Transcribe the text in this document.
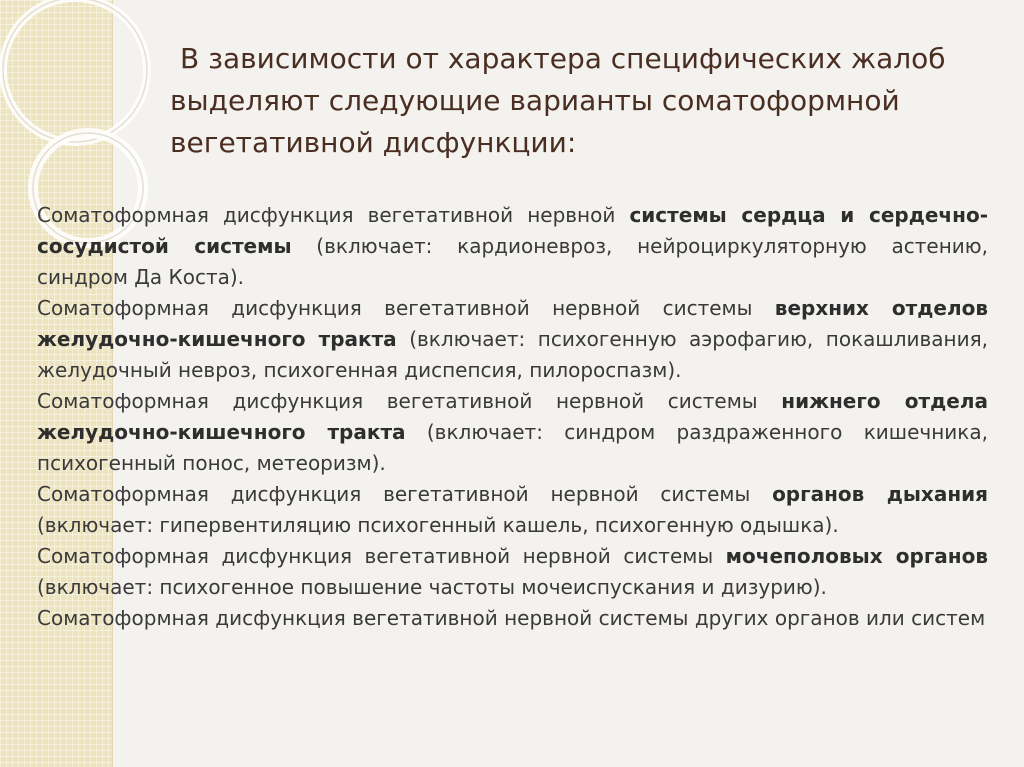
В зависимости от характера специфических жалоб
выделяют следующие варианты соматоформной
вегетативной дисфункции:

Соматоформная дисфункция вегетативной нервной системы сердца и сердечно-сосудистой системы (включает: кардионевроз, нейроциркуляторную астению, синдром Да Коста).

Соматоформная дисфункция вегетативной нервной системы верхних отделов желудочно-кишечного тракта (включает: психогенную аэрофагию, покашливания, желудочный невроз, психогенная диспепсия, пилороспазм).

Соматоформная дисфункция вегетативной нервной системы нижнего отдела желудочно-кишечного тракта (включает: синдром раздраженного кишечника, психогенный понос, метеоризм).

Соматоформная дисфункция вегетативной нервной системы органов дыхания (включает: гипервентиляцию психогенный кашель, психогенную одышка).

Соматоформная дисфункция вегетативной нервной системы мочеполовых органов (включает: психогенное повышение частоты мочеиспускания и дизурию).

Соматоформная дисфункция вегетативной нервной системы других органов или систем
